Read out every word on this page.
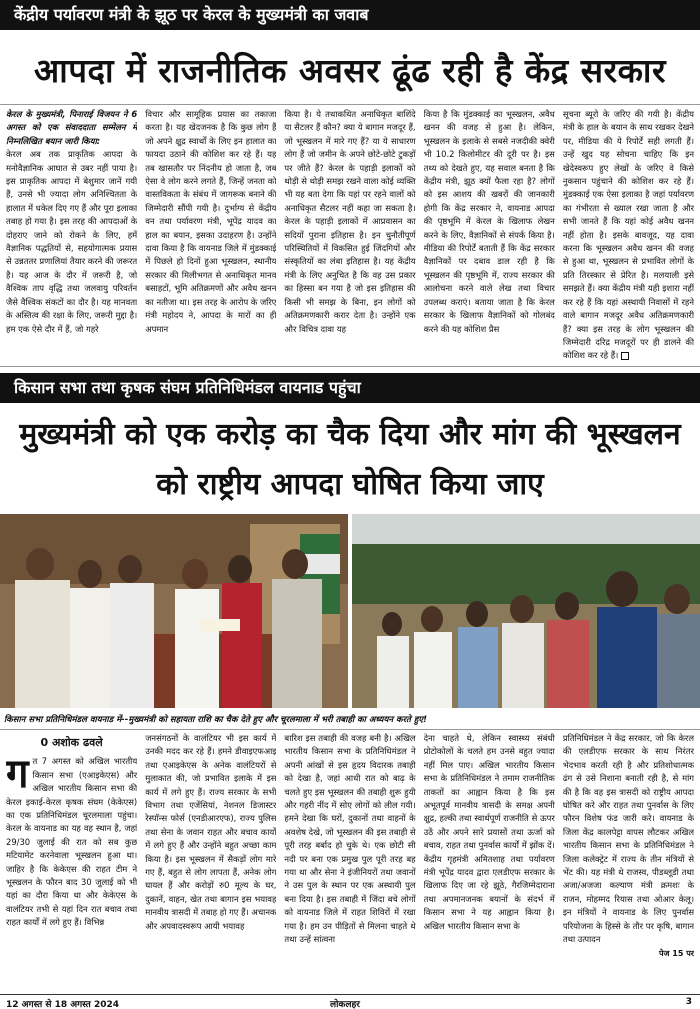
केंद्रीय पर्यावरण मंत्री के झूठ पर केरल के मुख्यमंत्री का जवाब
आपदा में राजनीतिक अवसर ढूंढ रही है केंद्र सरकार

केरल के मुख्यमंत्री, पिनाराई विजयन ने 6 अगस्त को एक संवाददाता सम्मेलन में निम्नलिखित बयान जारी किया:

केरल अब तक प्राकृतिक आपदा के मनोवैज्ञानिक आघात से उबर नहीं पाया है। इस प्राकृतिक आपदा में बेशुमार जानें गयी हैं, उनसे भी ज्यादा लोग अनिश्चितता के हालात में धकेल दिए गए हैं और पूरा इलाका तबाह हो गया है। इस तरह की आपदाओं के दोहराए जाने को रोकने के लिए, हमें वैज्ञानिक पद्धतियों से, सहयोगात्मक प्रयास से उन्नततर प्रणालियां तैयार करने की जरूरत है। यह आज के दौर में जरूरी है, जो वैश्विक ताप वृद्धि तथा जलवायु परिवर्तन जैसे वैश्विक संकटों का दौर है। यह मानवता के अस्तित्व की रक्षा के लिए, जरूरी मुद्दा है। हम एक ऐसे दौर में हैं, जो गहरे

विचार और सामूहिक प्रयास का तकाजा करता है। यह खेदजनक है कि कुछ लोग हैं जो अपने क्षुद्र स्वार्थों के लिए इन हालात का फायदा उठाने की कोशिश कर रहे हैं। यह तब खासतौर पर निंदनीय हो जाता है, जब ऐसा वे लोग करने लगते हैं, जिन्हें जनता को वास्तविकता के संबंध में जागरूक बनाने की जिम्मेदारी सौंपी गयी है। दुर्भाग्य से केंद्रीय वन तथा पर्यावरण मंत्री, भूपेंद्र यादव का हाल का बयान, इसका उदाहरण है। उन्होंने दावा किया है कि वायनाड जिले में मुंडक्काई में पिछले हो दिनों हुआ भूस्खलन, स्थानीय सरकार की मिलीभगत से अनाधिकृत मानव बसाहटों, भूमि अतिक्रमणों और अवैध खनन का नतीजा था। इस तरह के आरोप के जरिए मंत्री महोदय ने, आपदा के मारों का ही अपमान

किया है। ये तथाकथित अनाधिकृत बाशिंदे या सैटलर हैं कौन? क्या ये बागान मजदूर हैं, जो भूस्खलन में मारे गए हैं? या ये साधारण लोग हैं जो जमीन के अपने छोटे-छोटे टुकड़ों पर जीते हैं? केरल के पहाड़ी इलाकों को थोड़ी से थोड़ी समझ रखने वाला कोई व्यक्ति भी यह बता देगा कि यहां पर रहने वालों को अनाधिकृत सैटलर नहीं कहा जा सकता है। केरल के पहाड़ी इलाकों में आप्रवासन का सदियों पुराना इतिहास है। इन चुनौतीपूर्ण परिस्थितियों में विकसित हुई जिंदगियों और संस्कृतियों का लंबा इतिहास है। यह केंद्रीय मंत्री के लिए अनुचित है कि वह उस प्रकार का हिस्सा बन गया है जो इस इतिहास की किसी भी समझ के बिना, इन लोगों को अतिक्रमणकारी करार देता है। उन्होंने एक और विचित्र दावा यह

किया है कि मुंडक्काई का भूस्खलन, अवैध खनन की वजह से हुआ है। लेकिन, भूस्खलन के इलाके से सबसे नजदीकी क्वेरी भी 10.2 किलोमीटर की दूरी पर है। इस तथ्य को देखते हुए, यह सवाल बनता है कि केंद्रीय मंत्री, झूठ क्यों फैला रहा है? लोगों को इस आशय की खबरों की जानकारी होगी कि केंद्र सरकार ने, वायनाड आपदा की पृष्ठभूमि में केरल के खिलाफ लेखन करने के लिए, वैज्ञानिकों से संपर्क किया है। मीडिया की रिपोर्टें बताती हैं कि केंद्र सरकार वैज्ञानिकों पर दबाव डाल रही है कि भूस्खलन की पृष्ठभूमि में, राज्य सरकार की आलोचना करने वाले लेख तथा विचार उपलब्ध कराएं। बताया जाता है कि केरल सरकार के खिलाफ वैज्ञानिकों को गोलबंद करने की यह कोशिश प्रैस

सूचना ब्यूरो के जरिए की गयी है। केंद्रीय मंत्री के हाल के बयान के साथ रखकर देखने पर, मीडिया की ये रिपोर्टें सही लगती हैं। उन्हें खुद यह सोचना चाहिए कि इन खेदेस्वरूप हुए लेखों के जरिए वे किसे नुकसान पहुंचाने की कोशिश कर रहे हैं। मुंडक्काई एक ऐसा इलाका है जहां पर्यावरण का गंभीरता से ख्याल रखा जाता है और सभी जानते हैं कि यहां कोई अवैध खनन नहीं होता है। इसके बावजूद, यह दावा करना कि भूस्खलन अवैध खनन की वजह से हुआ था, भूस्खलन से प्रभावित लोगों के प्रति तिरस्कार से प्रेरित है। मलयाली इसे समझते हैं। क्या केंद्रीय मंत्री यही इशारा नहीं कर रहे हैं कि यहां अस्थायी निवासों में रहने वाले बागान मजदूर अवैध अतिक्रमणकारी हैं? क्या इस तरह के लोग भूस्खलन की जिम्मेदारी दरिद्र मजदूरों पर ही डालने की कोशिश कर रहे हैं।

किसान सभा तथा कृषक संघम प्रतिनिधिमंडल वायनाड पहुंचा
मुख्यमंत्री को एक करोड़ का चैक दिया और मांग की भूस्खलन को राष्ट्रीय आपदा घोषित किया जाए
किसान सभा प्रतिनिधिमंडल वायनाड में--मुख्यमंत्री को सहायता राशि का चैक देते हुए और चूरलमाला में भरी तबाही का अध्ययन करते हुए!
0 अशोक ढवले

गत 7 अगस्त को अखिल भारतीय किसान सभा (एआइकेएस) और अखिल भारतीय किसान सभा की केरल इकाई-केरल कृषक संघम (केकेएस) का एक प्रतिनिधिमंडल चूरलमाला पहुंचा। केरल के वायनाड का यह वह स्थान है, जहां 29/30 जुलाई की रात को सब कुछ मटियामेट करनेवाला भूस्खलन हुआ था। जाहिर है कि केकेएस की राहत टीम ने भूस्खलन के फौरन बाद 30 जुलाई को भी यहां का दौरा किया था और केकेएस के वालंटियर तभी से यहां दिन रात बचाव तथा राहत कार्यों में लगे हुए हैं। विभिन्न

जनसंगठनों के वालंटियर भी इस कार्य में उनकी मदद कर रहे हैं। हमने डीवाइएफआइ तथा एआइकेएस के अनेक वालंटियरों से मुलाकात की, जो प्रभावित इलाके में इस कार्य में लगे हुए हैं। राज्य सरकार के सभी विभाग तथा एजेंसियां, नेशनल डिजास्टर रेस्पॉन्स फोर्स (एनडीआरएफ), राज्य पुलिस तथा सेना के जवान राहत और बचाव कार्यों में लगे हुए हैं और उन्होंने बहुत अच्छा काम किया है। इस भूस्खलन में सैकड़ों लोग मारे गए हैं, बहुत से लोग लापता हैं, अनेक लोग घायल हैं और करोड़ों रु0 मूल्य के घर, दुकानें, वाहन, खेत तथा बागान इस भयावह मानवीय त्रासदी में तबाह हो गए हैं। अचानक और अपवादस्वरूप आयी भयावह

बारिश इस तबाही की वजह बनी है। अखिल भारतीय किसान सभा के प्रतिनिधिमंडल ने अपनी आंखों से इस हृदय विदारक तबाही को देखा है, जहां आधी रात को बाढ़ के चलते हुए इस भूस्खलन की तबाही शुरू हुयी और गहरी नींद में सोए लोगों को लील गयी। हमने देखा कि घरों, दुकानों तथा वाहनों के अवशेष देखे, जो भूस्खलन की इस तबाही से पूरी तरह बर्बाद हो चुके थे। एक छोटी सी नदी पर बना एक प्रमुख पुल पूरी तरह बह गया था और सेना ने इंजीनियरों तथा जवानों ने उस पुल के स्थान पर एक अस्थायी पुल बना दिया है। इस तबाही में जिंदा बचे लोगों को वायनाड जिले में राहत शिविरों में रखा गया है। हम उन पीड़ितों से मिलना चाहते थे तथा उन्हें सांत्वना

देना चाहते थे, लेकिन स्वास्थ्य संबंधी प्रोटोकोलों के चलते हम उनसे बहुत ज्यादा नहीं मिल पाए। अखिल भारतीय किसान सभा के प्रतिनिधिमंडल ने तमाम राजनीतिक ताकतों का आह्वान किया है कि इस अभूतपूर्व मानवीय त्रासदी के समक्ष अपनी क्षुद्र, हल्की तथा स्वार्थपूर्ण राजनीति से ऊपर उठें और अपने सारे प्रयासों तथा ऊर्जा को बचाव, राहत तथा पुनर्वास कार्यों में झोंक दें। केंद्रीय गृहमंत्री अमितशाह तथा पर्यावरण मंत्री भूपेंद्र यादव द्वारा एलडीएफ सरकार के खिलाफ दिए जा रहे झूठे, गैरजिम्मेदाराना तथा अपमानजनक बयानों के संदर्भ में किसान सभा ने यह आह्वान किया है। अखिल भारतीय किसान सभा के

प्रतिनिधिमंडल ने केंद्र सरकार, जो कि केरल की एलडीएफ सरकार के साथ निरंतर भेदभाव करती रही है और प्रतिशोधात्मक ढंग से उसे निशाना बनाती रही है, से मांग की है कि वह इस त्रासदी को राष्ट्रीय आपदा घोषित करे और राहत तथा पुनर्वास के लिए फौरन विशेष फंड जारी करे। वायनाड के जिला केंद्र कालपेट्टा वापस लौटकर अखिल भारतीय किसान सभा के प्रतिनिधिमंडल ने जिला कलेक्ट्रेट में राज्य के तीन मंत्रियों से भेंट की। यह मंत्री थे राजस्व, पीडब्लूडी तथा अजा/अजजा कल्याण मंत्री क्रमशः के राजन, मोहम्मद रियास तथा ओआर केलू। इन मंत्रियों ने वायनाड के लिए पुनर्वास परियोजना के हिस्से के तौर पर कृषि, बागान तथा उत्पादन

पेज 15 पर
12 अगस्त से 18 अगस्त 2024	लोकलहर	3
